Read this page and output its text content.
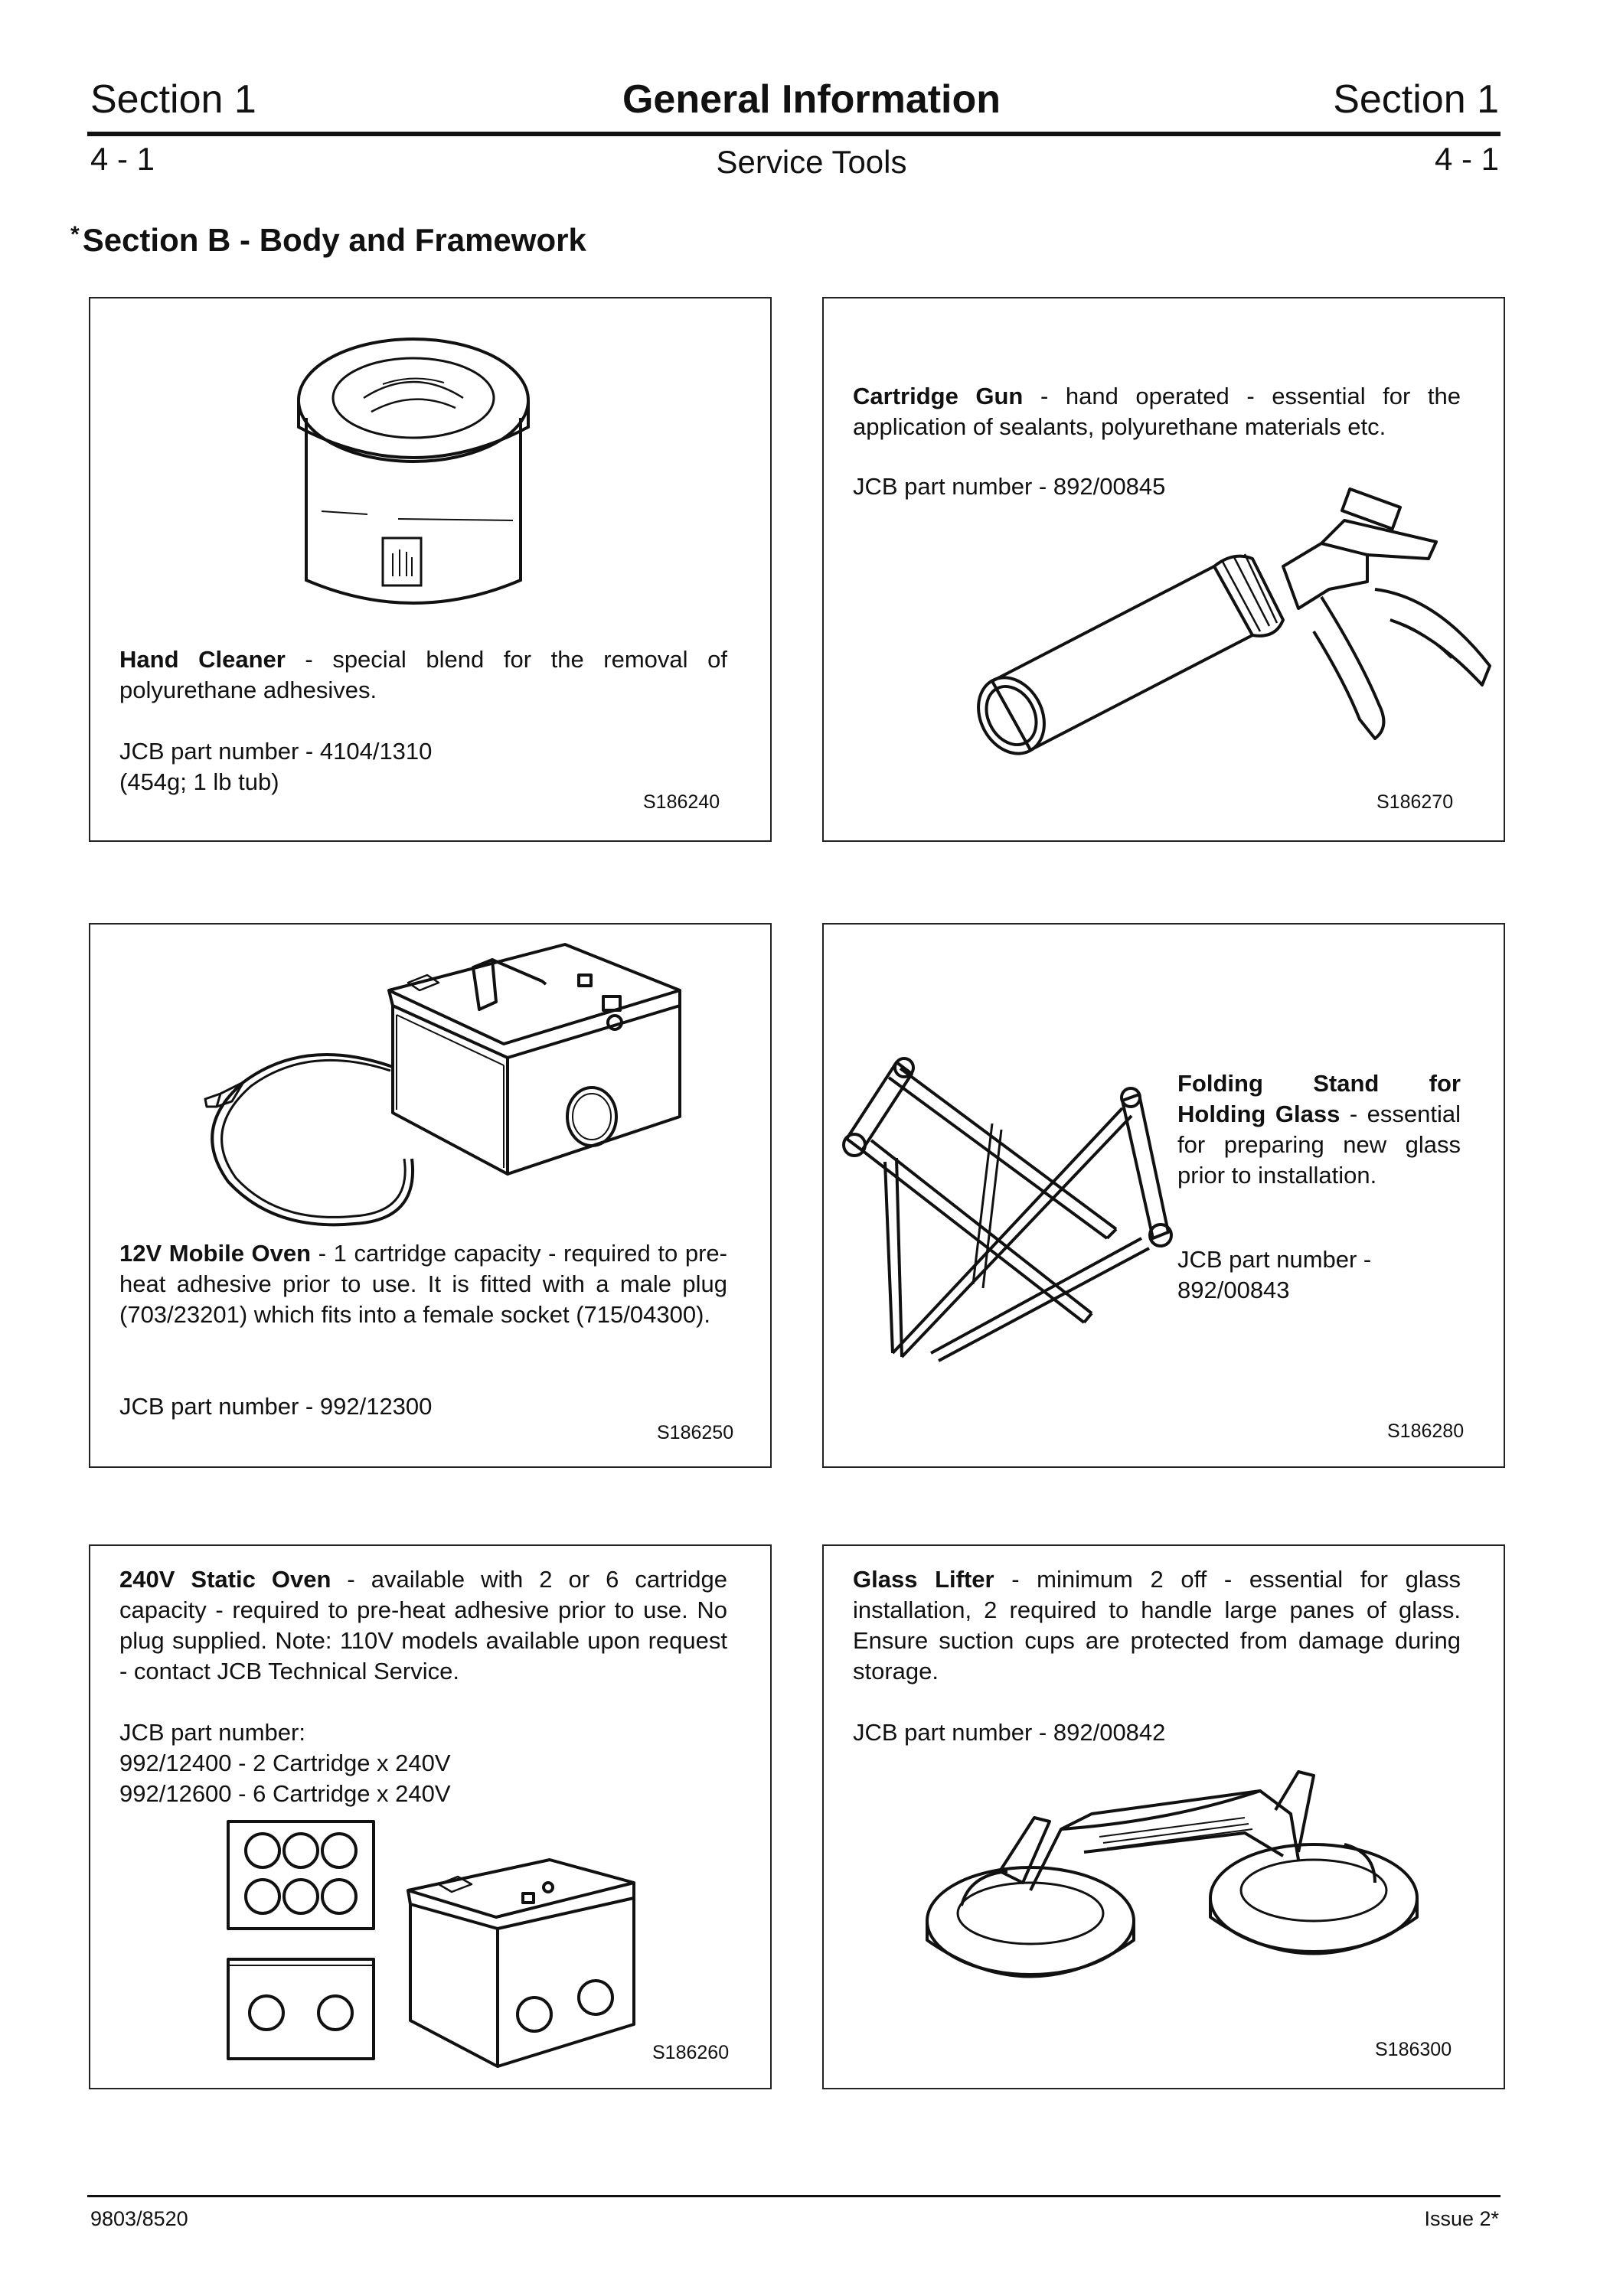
Section 1	General Information	Section 1
4 - 1	Service Tools	4 - 1
*Section B - Body and Framework
Hand Cleaner - special blend for the removal of polyurethane adhesives.
JCB part number - 4104/1310
(454g; 1 lb tub)
S186240
Cartridge Gun - hand operated - essential for the application of sealants, polyurethane materials etc.
JCB part number - 892/00845
S186270
12V Mobile Oven - 1 cartridge capacity - required to pre-heat adhesive prior to use. It is fitted with a male plug (703/23201) which fits into a female socket (715/04300).
JCB part number - 992/12300
S186250
Folding Stand for Holding Glass - essential for preparing new glass prior to installation.
JCB part number - 892/00843
S186280
240V Static Oven - available with 2 or 6 cartridge capacity - required to pre-heat adhesive prior to use. No plug supplied. Note: 110V models available upon request - contact JCB Technical Service.
JCB part number:
992/12400 - 2 Cartridge x 240V
992/12600 - 6 Cartridge x 240V
S186260
Glass Lifter - minimum 2 off - essential for glass installation, 2 required to handle large panes of glass. Ensure suction cups are protected from damage during storage.
JCB part number - 892/00842
S186300
9803/8520	Issue 2*
